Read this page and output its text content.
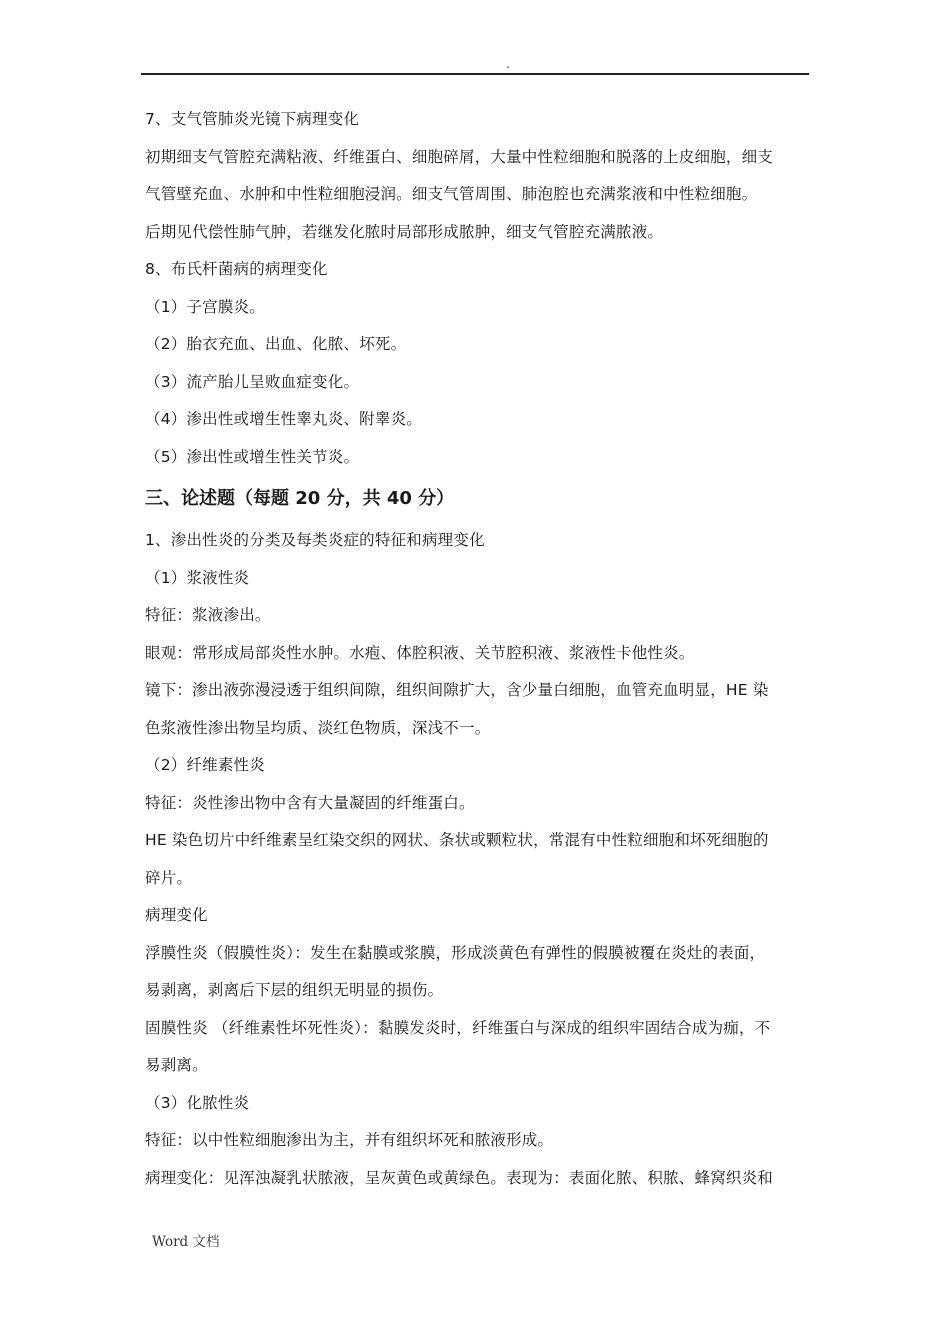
.
7、支气管肺炎光镜下病理变化
初期细支气管腔充满粘液、纤维蛋白、细胞碎屑，大量中性粒细胞和脱落的上皮细胞，细支
气管壁充血、水肿和中性粒细胞浸润。细支气管周围、肺泡腔也充满浆液和中性粒细胞。
后期见代偿性肺气肿，若继发化脓时局部形成脓肿，细支气管腔充满脓液。
8、布氏杆菌病的病理变化
（1）子宫膜炎。
（2）胎衣充血、出血、化脓、坏死。
（3）流产胎儿呈败血症变化。
（4）渗出性或增生性睾丸炎、附睾炎。
（5）渗出性或增生性关节炎。
三、论述题（每题 20 分，共 40 分）
1、渗出性炎的分类及每类炎症的特征和病理变化
（1）浆液性炎
特征：浆液渗出。
眼观：常形成局部炎性水肿。水疱、体腔积液、关节腔积液、浆液性卡他性炎。
镜下：渗出液弥漫浸透于组织间隙，组织间隙扩大，含少量白细胞，血管充血明显，HE 染
色浆液性渗出物呈均质、淡红色物质，深浅不一。
（2）纤维素性炎
特征：炎性渗出物中含有大量凝固的纤维蛋白。
HE 染色切片中纤维素呈红染交织的网状、条状或颗粒状，常混有中性粒细胞和坏死细胞的
碎片。
病理变化
浮膜性炎（假膜性炎）：发生在黏膜或浆膜，形成淡黄色有弹性的假膜被覆在炎灶的表面，
易剥离，剥离后下层的组织无明显的损伤。
固膜性炎 （纤维素性坏死性炎）：黏膜发炎时，纤维蛋白与深成的组织牢固结合成为痂，不
易剥离。
（3）化脓性炎
特征：以中性粒细胞渗出为主，并有组织坏死和脓液形成。
病理变化：见浑浊凝乳状脓液，呈灰黄色或黄绿色。表现为：表面化脓、积脓、蜂窝织炎和
Word 文档
